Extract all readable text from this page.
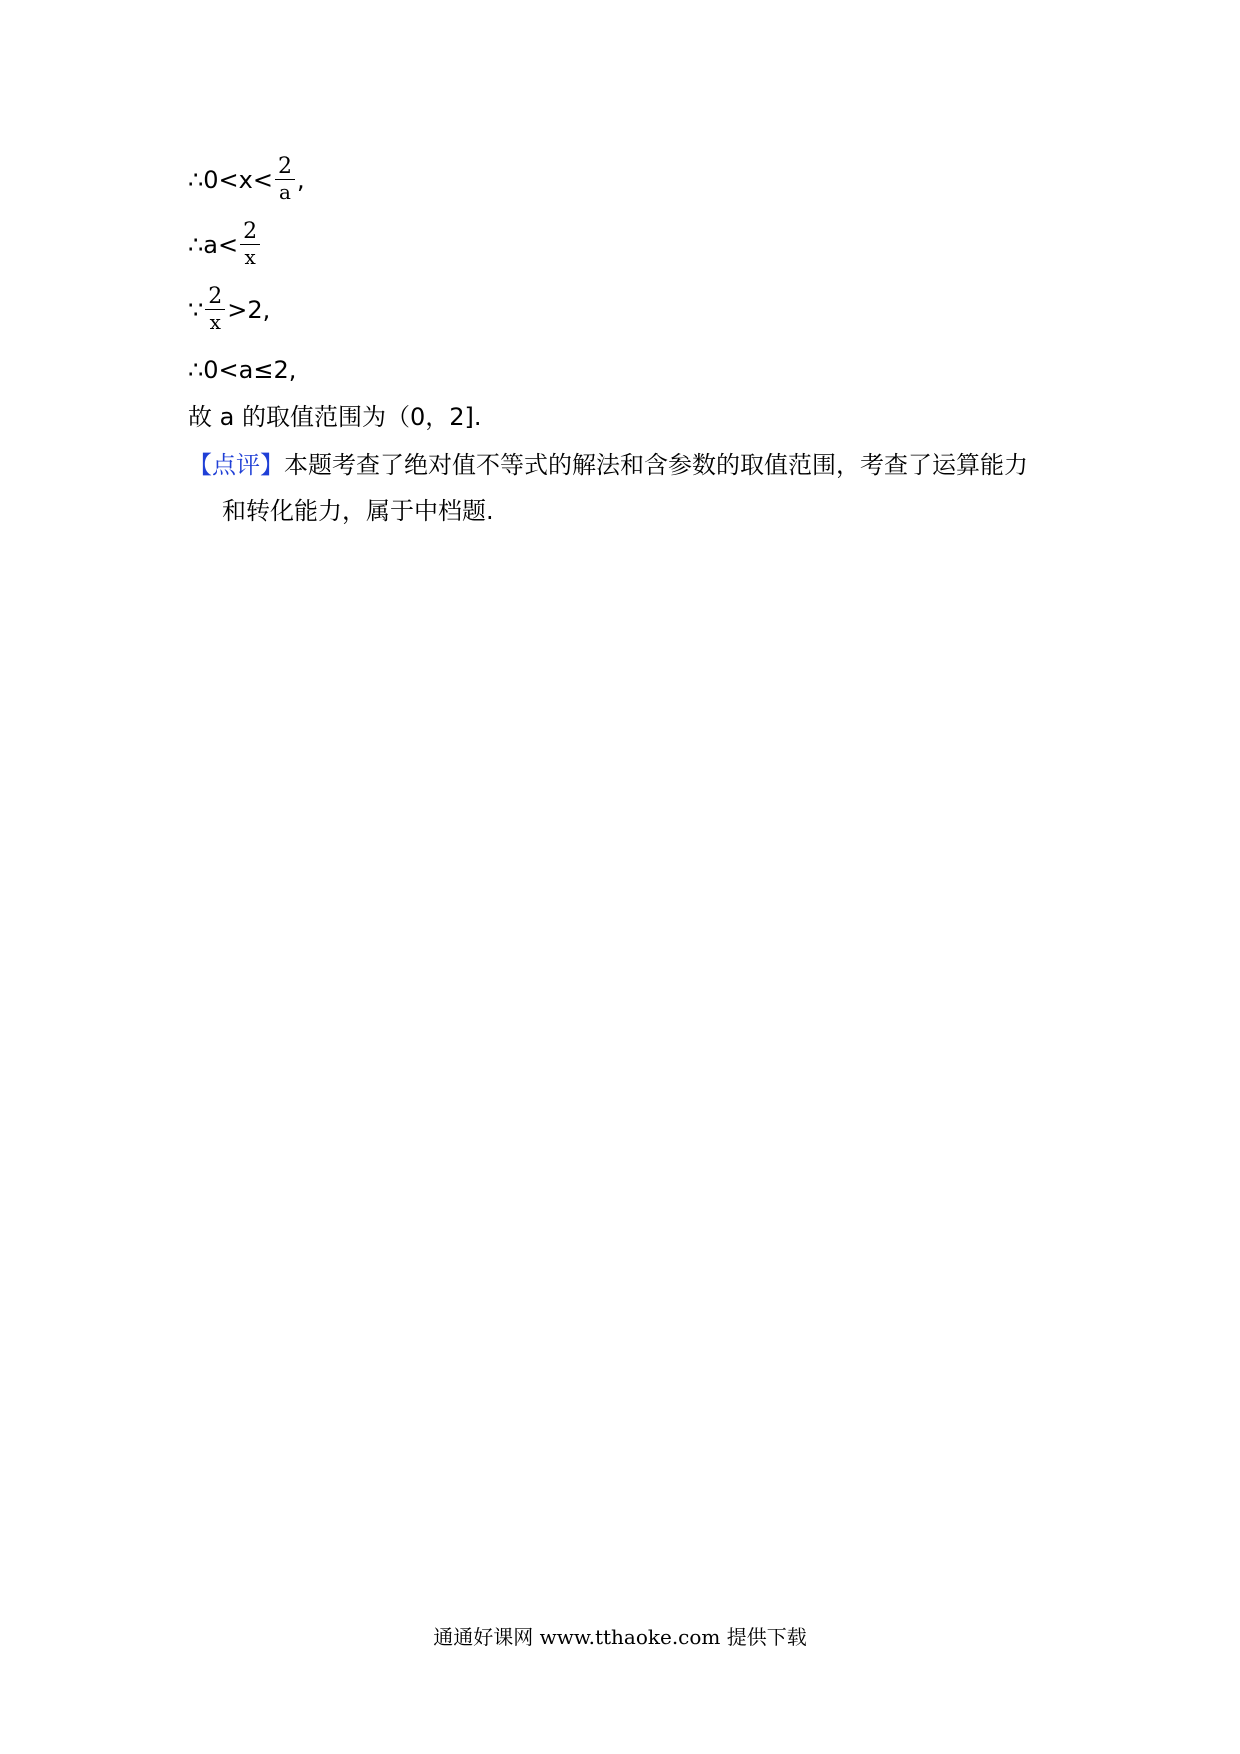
∴0<x< $\frac{2}{a}$ ,
∴a< $\frac{2}{x}$
∵ $\frac{2}{x} >2$,
∴0<a≤2,
故 a 的取值范围为（0，2].
【点评】本题考查了绝对值不等式的解法和含参数的取值范围，考查了运算能力
和转化能力，属于中档题.
通通好课网 www.tthaoke.com 提供下载
